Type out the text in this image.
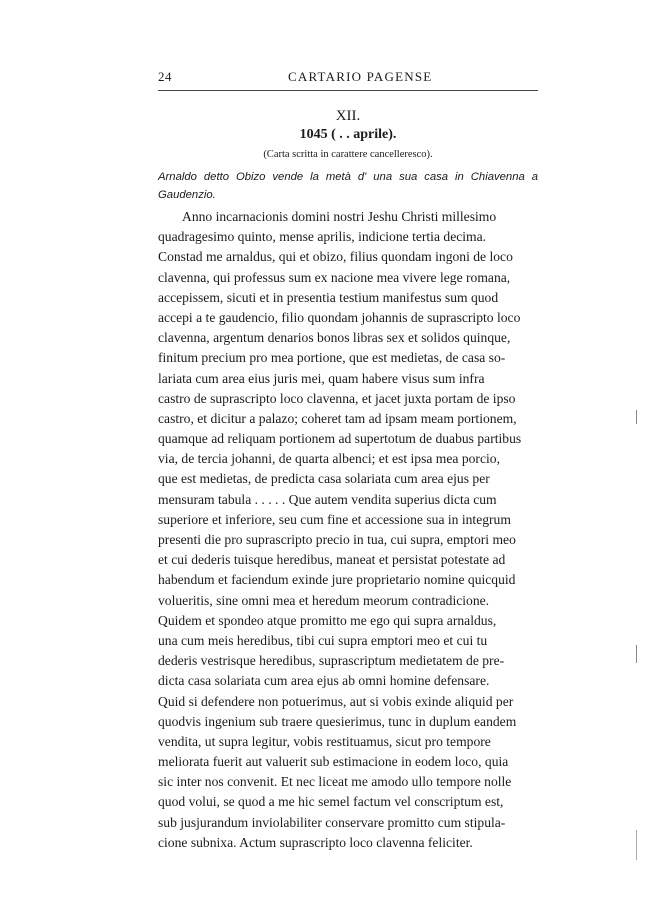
24	CARTARIO PAGENSE
XII.
1045 ( . . aprile).
(Carta scritta in carattere cancelleresco).
Arnaldo detto Obizo vende la metà d' una sua casa in Chiavenna a Gaudenzio.
Anno incarnacionis domini nostri Jeshu Christi millesimo
quadragesimo quinto, mense aprilis, indicione tertia decima.
Constad me arnaldus, qui et obizo, filius quondam ingoni de loco
clavenna, qui professus sum ex nacione mea vivere lege romana,
accepissem, sicuti et in presentia testium manifestus sum quod
accepi a te gaudencio, filio quondam johannis de suprascripto loco
clavenna, argentum denarios bonos libras sex et solidos quinque,
finitum precium pro mea portione, que est medietas, de casa so-
lariata cum area eius juris mei, quam habere visus sum infra
castro de suprascripto loco clavenna, et jacet juxta portam de ipso
castro, et dicitur a palazo; coheret tam ad ipsam meam portionem,
quamque ad reliquam portionem ad supertotum de duabus partibus
via, de tercia johanni, de quarta albenci; et est ipsa mea porcio,
que est medietas, de predicta casa solariata cum area ejus per
mensuram tabula . . . . . Que autem vendita superius dicta cum
superiore et inferiore, seu cum fine et accessione sua in integrum
presenti die pro suprascripto precio in tua, cui supra, emptori meo
et cui dederis tuisque heredibus, maneat et persistat potestate ad
habendum et faciendum exinde jure proprietario nomine quicquid
volueritis, sine omni mea et heredum meorum contradicione.
Quidem et spondeo atque promitto me ego qui supra arnaldus,
una cum meis heredibus, tibi cui supra emptori meo et cui tu
dederis vestrisque heredibus, suprascriptum medietatem de pre-
dicta casa solariata cum area ejus ab omni homine defensare.
Quid si defendere non potuerimus, aut si vobis exinde aliquid per
quodvis ingenium sub traere quesierimus, tunc in duplum eandem
vendita, ut supra legitur, vobis restituamus, sicut pro tempore
meliorata fuerit aut valuerit sub estimacione in eodem loco, quia
sic inter nos convenit. Et nec liceat me amodo ullo tempore nolle
quod volui, se quod a me hic semel factum vel conscriptum est,
sub jusjurandum inviolabiliter conservare promitto cum stipula-
cione subnixa. Actum suprascripto loco clavenna feliciter.
